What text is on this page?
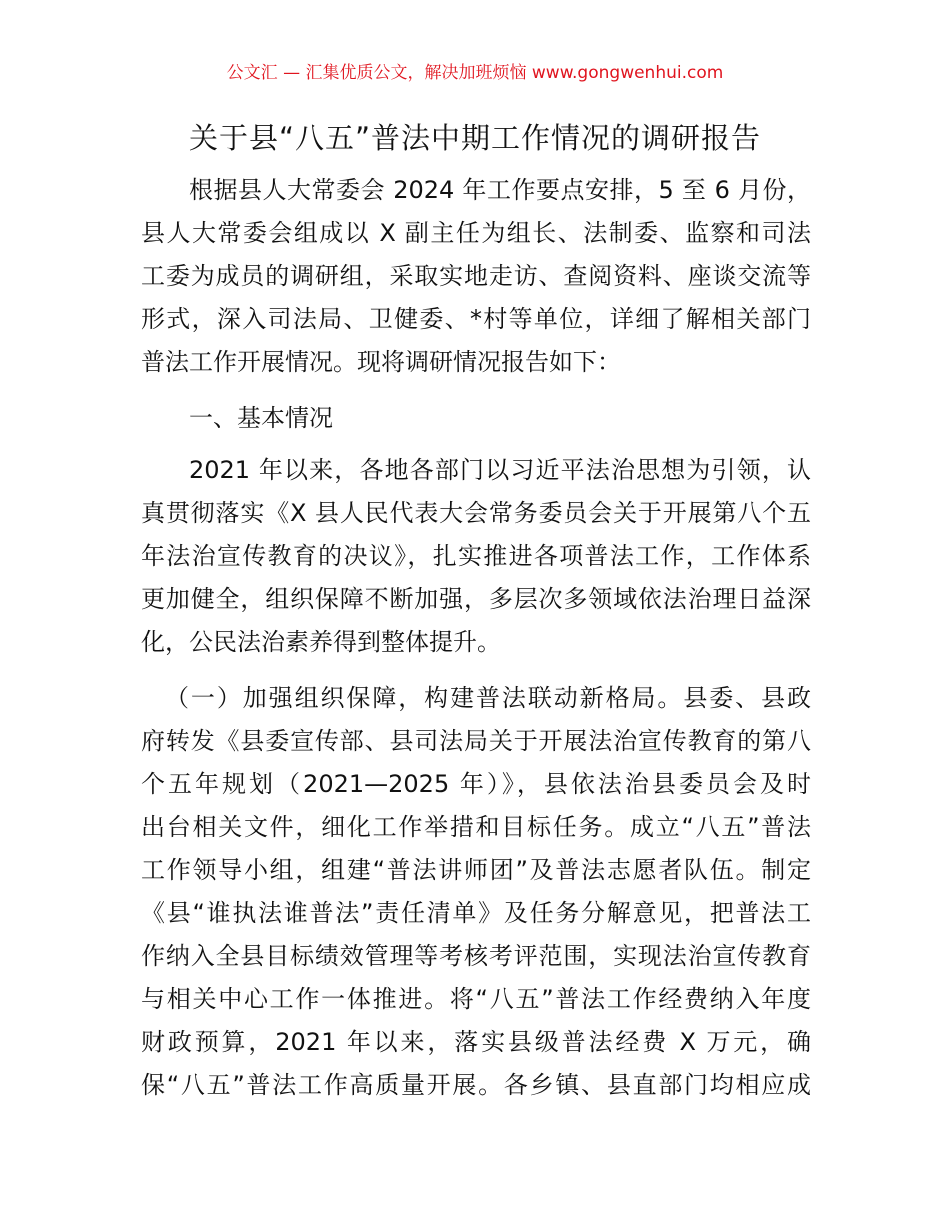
公文汇 — 汇集优质公文，解决加班烦恼 www.gongwenhui.com
关于县“八五”普法中期工作情况的调研报告
根据县人大常委会 2024 年工作要点安排，5 至 6 月份，
县人大常委会组成以 X 副主任为组长、法制委、监察和司法
工委为成员的调研组，采取实地走访、查阅资料、座谈交流等
形式，深入司法局、卫健委、*村等单位，详细了解相关部门
普法工作开展情况。现将调研情况报告如下：
一、基本情况
2021 年以来，各地各部门以习近平法治思想为引领，认
真贯彻落实《X 县人民代表大会常务委员会关于开展第八个五
年法治宣传教育的决议》，扎实推进各项普法工作，工作体系
更加健全，组织保障不断加强，多层次多领域依法治理日益深
化，公民法治素养得到整体提升。
（一）加强组织保障，构建普法联动新格局。县委、县政
府转发《县委宣传部、县司法局关于开展法治宣传教育的第八
个五年规划（2021—2025 年）》，县依法治县委员会及时
出台相关文件，细化工作举措和目标任务。成立“八五”普法
工作领导小组，组建“普法讲师团”及普法志愿者队伍。制定
《县“谁执法谁普法”责任清单》及任务分解意见，把普法工
作纳入全县目标绩效管理等考核考评范围，实现法治宣传教育
与相关中心工作一体推进。将“八五”普法工作经费纳入年度
财政预算，2021 年以来，落实县级普法经费 X 万元，确
保“八五”普法工作高质量开展。各乡镇、县直部门均相应成
